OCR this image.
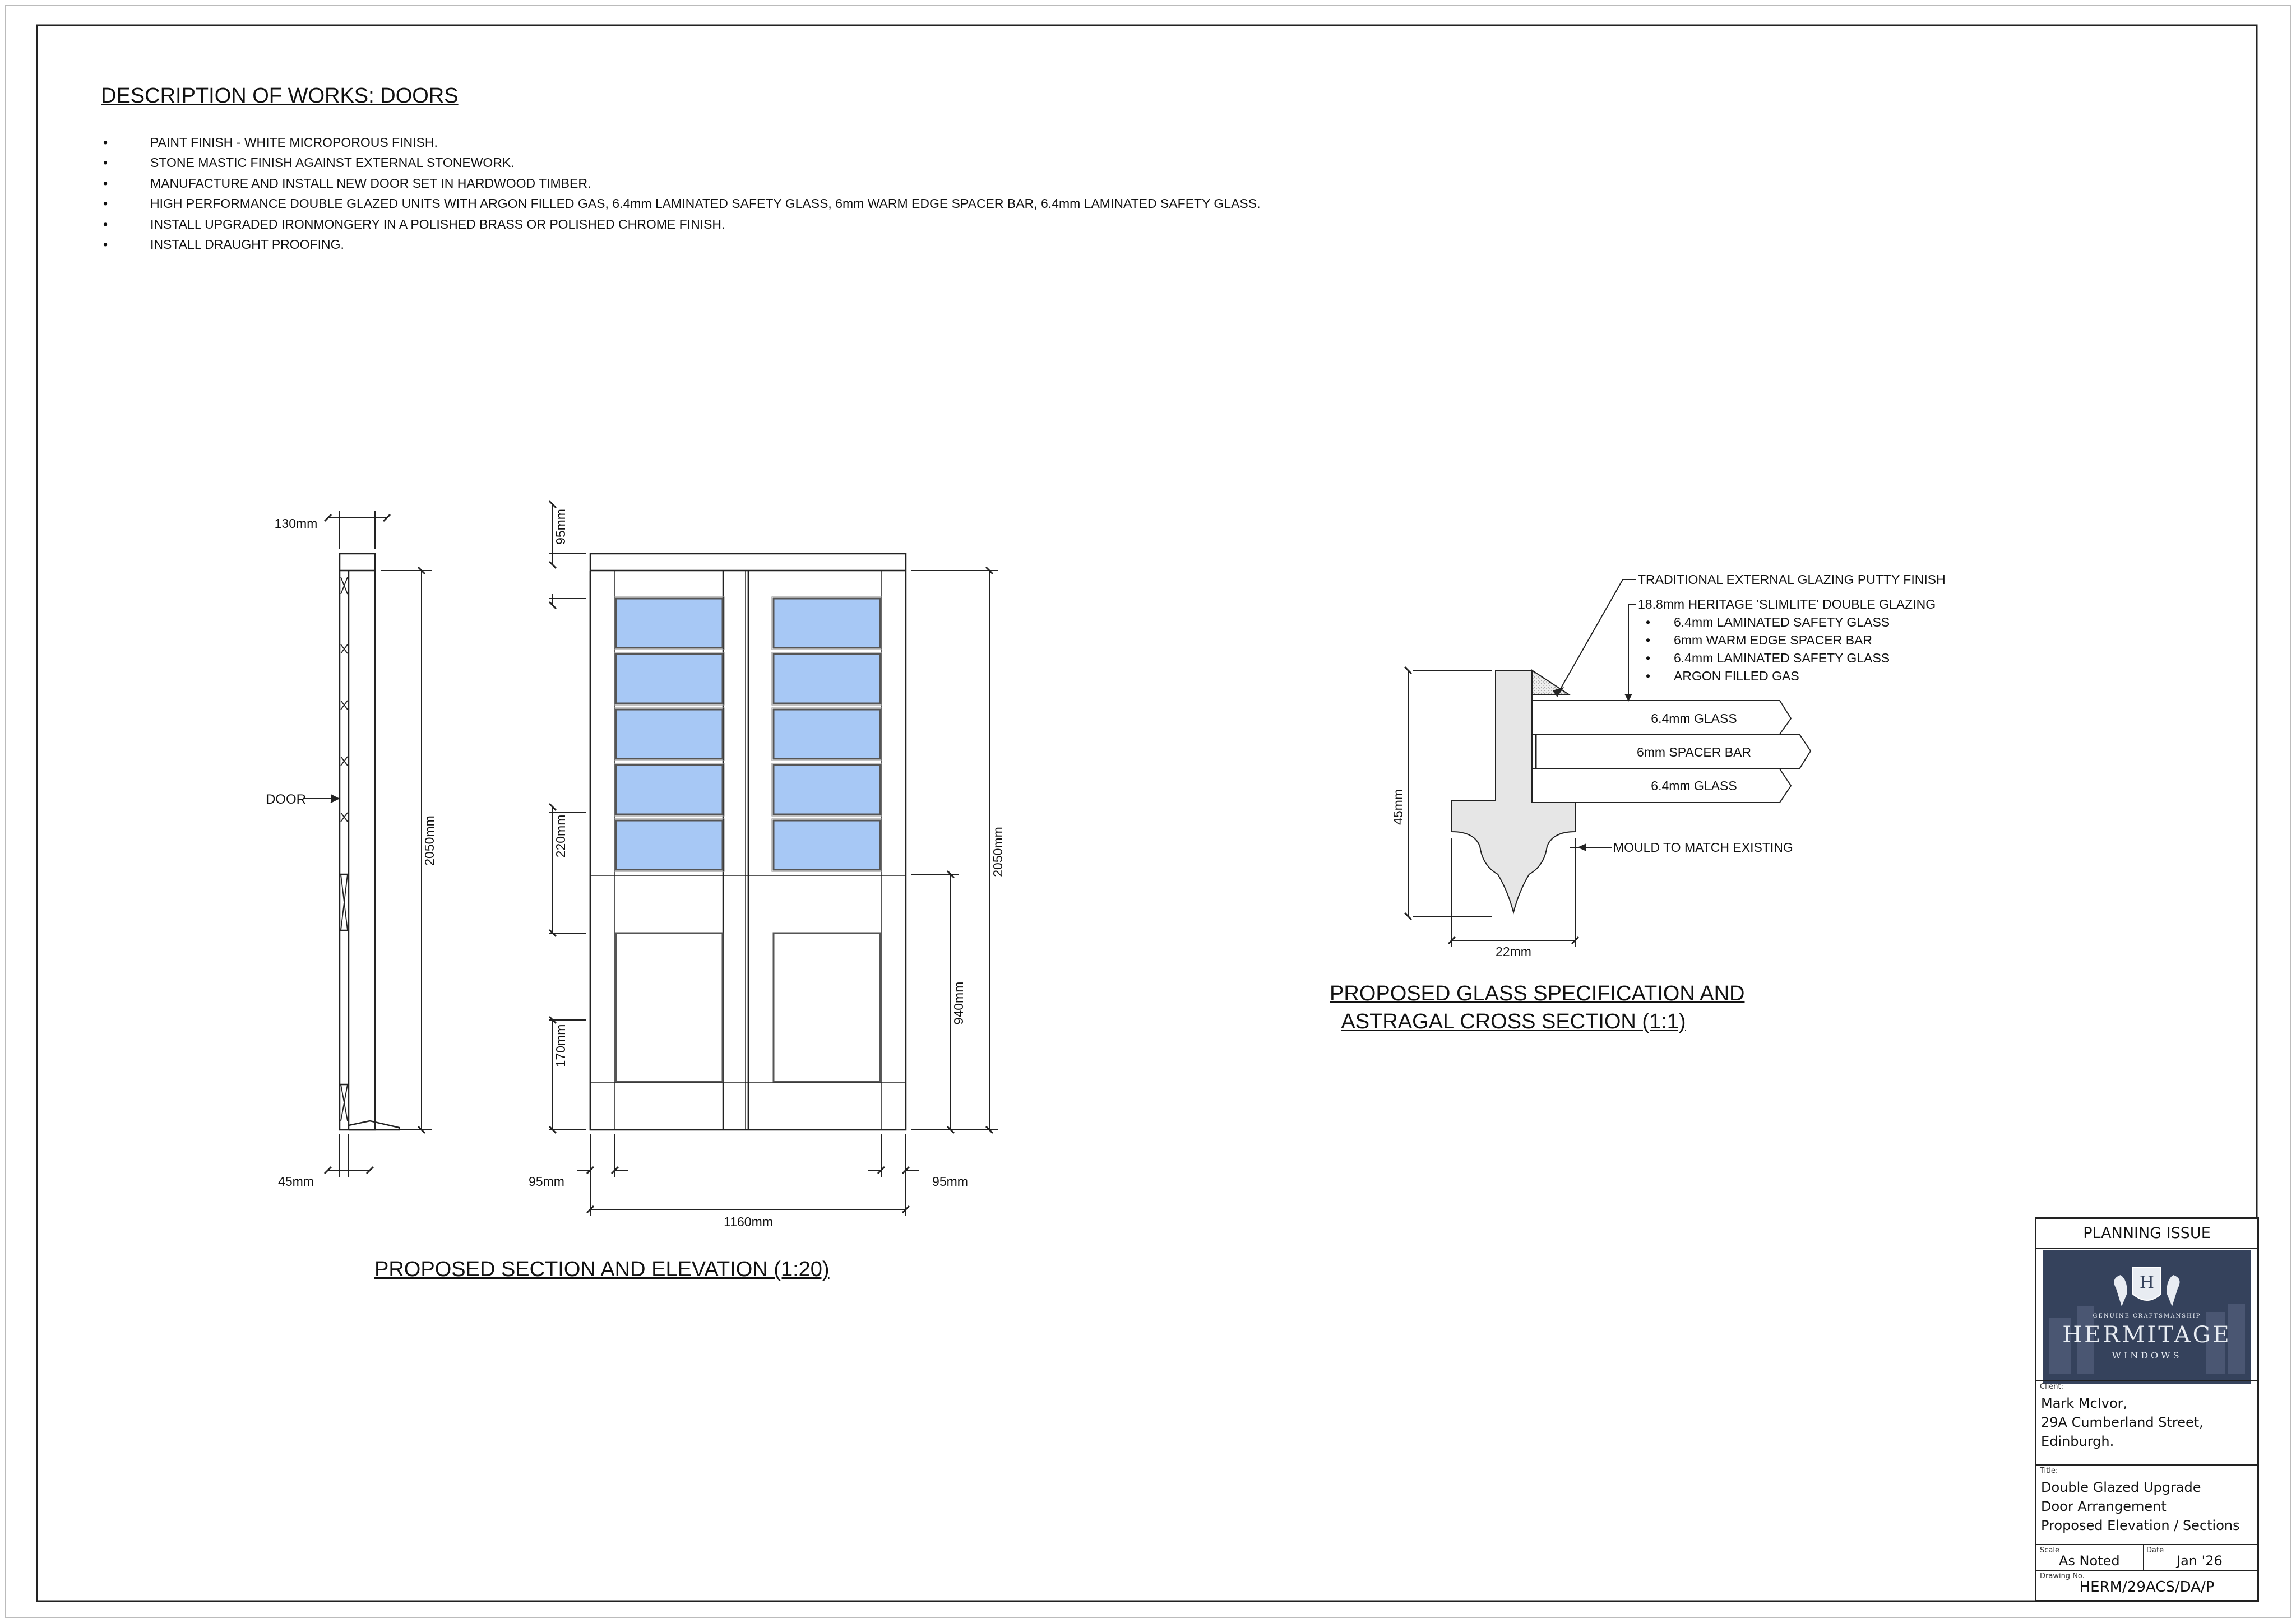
DESCRIPTION OF WORKS: DOORS
•	PAINT FINISH - WHITE MICROPOROUS FINISH.
•	STONE MASTIC FINISH AGAINST EXTERNAL STONEWORK.
•	MANUFACTURE AND INSTALL NEW DOOR SET IN HARDWOOD TIMBER.
•	HIGH PERFORMANCE DOUBLE GLAZED UNITS WITH ARGON FILLED GAS, 6.4mm LAMINATED SAFETY GLASS, 6mm WARM EDGE SPACER BAR, 6.4mm LAMINATED SAFETY GLASS.
•	INSTALL UPGRADED IRONMONGERY IN A POLISHED BRASS OR POLISHED CHROME FINISH.
•	INSTALL DRAUGHT PROOFING.
130mm
45mm
2050mm
DOOR
95mm
220mm
170mm
2050mm
940mm
95mm	95mm
1160mm
TRADITIONAL EXTERNAL GLAZING PUTTY FINISH
18.8mm HERITAGE 'SLIMLITE' DOUBLE GLAZING
•
•
•
•
6.4mm LAMINATED SAFETY GLASS
6mm WARM EDGE SPACER BAR
6.4mm LAMINATED SAFETY GLASS
ARGON FILLED GAS
6.4mm GLASS
6mm SPACER BAR
6.4mm GLASS
MOULD TO MATCH EXISTING
45mm
22mm
PROPOSED SECTION AND ELEVATION (1:20)
PROPOSED GLASS SPECIFICATION AND
ASTRAGAL CROSS SECTION (1:1)
PLANNING ISSUE
H
GENUINE CRAFTSMANSHIP
HERMITAGE
WINDOWS
Client:
Mark McIvor,
29A Cumberland Street,
Edinburgh.
Title:
Double Glazed Upgrade
Door Arrangement
Proposed Elevation / Sections
Scale
As Noted
Date
Jan '26
Drawing No.
HERM/29ACS/DA/P
